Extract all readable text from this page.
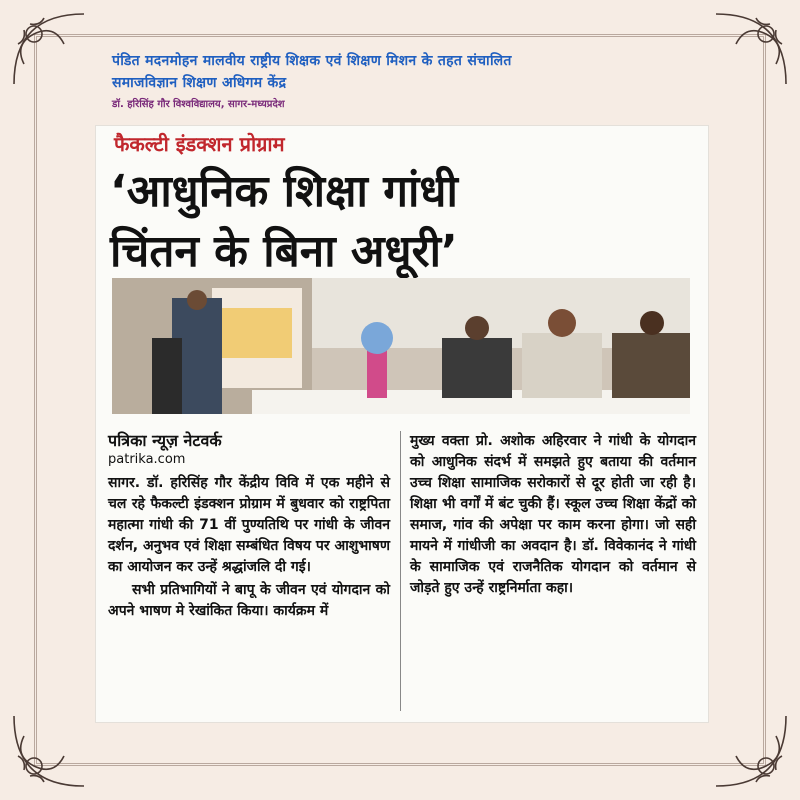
पंडित मदनमोहन मालवीय राष्ट्रीय शिक्षक एवं शिक्षण मिशन के तहत संचालित
समाजविज्ञान शिक्षण अधिगम केंद्र
डॉ. हरिसिंह गौर विश्वविद्यालय, सागर-मध्यप्रदेश
फैकल्टी इंडक्शन प्रोग्राम
‘आधुनिक शिक्षा गांधी
चिंतन के बिना अधूरी’
पत्रिका न्यूज़ नेटवर्क
patrika.com
सागर. डॉ. हरिसिंह गौर केंद्रीय विवि में एक महीने से चल रहे फैकल्टी इंडक्शन प्रोग्राम में बुधवार को राष्ट्रपिता महात्मा गांधी की 71 वीं पुण्यतिथि पर गांधी के जीवन दर्शन, अनुभव एवं शिक्षा सम्बंधित विषय पर आशुभाषण का आयोजन कर उन्हें श्रद्धांजलि दी गई।
सभी प्रतिभागियों ने बापू के जीवन एवं योगदान को अपने भाषण मे रेखांकित किया। कार्यक्रम में
मुख्य वक्ता प्रो. अशोक अहिरवार ने गांधी के योगदान को आधुनिक संदर्भ में समझते हुए बताया की वर्तमान उच्च शिक्षा सामाजिक सरोकारों से दूर होती जा रही है। शिक्षा भी वर्गों में बंट चुकी हैं। स्कूल उच्च शिक्षा केंद्रों को समाज, गांव की अपेक्षा पर काम करना होगा। जो सही मायने में गांधीजी का अवदान है। डॉ. विवेकानंद ने गांधी के सामाजिक एवं राजनैतिक योगदान को वर्तमान से जोड़ते हुए उन्हें राष्ट्रनिर्माता कहा।
